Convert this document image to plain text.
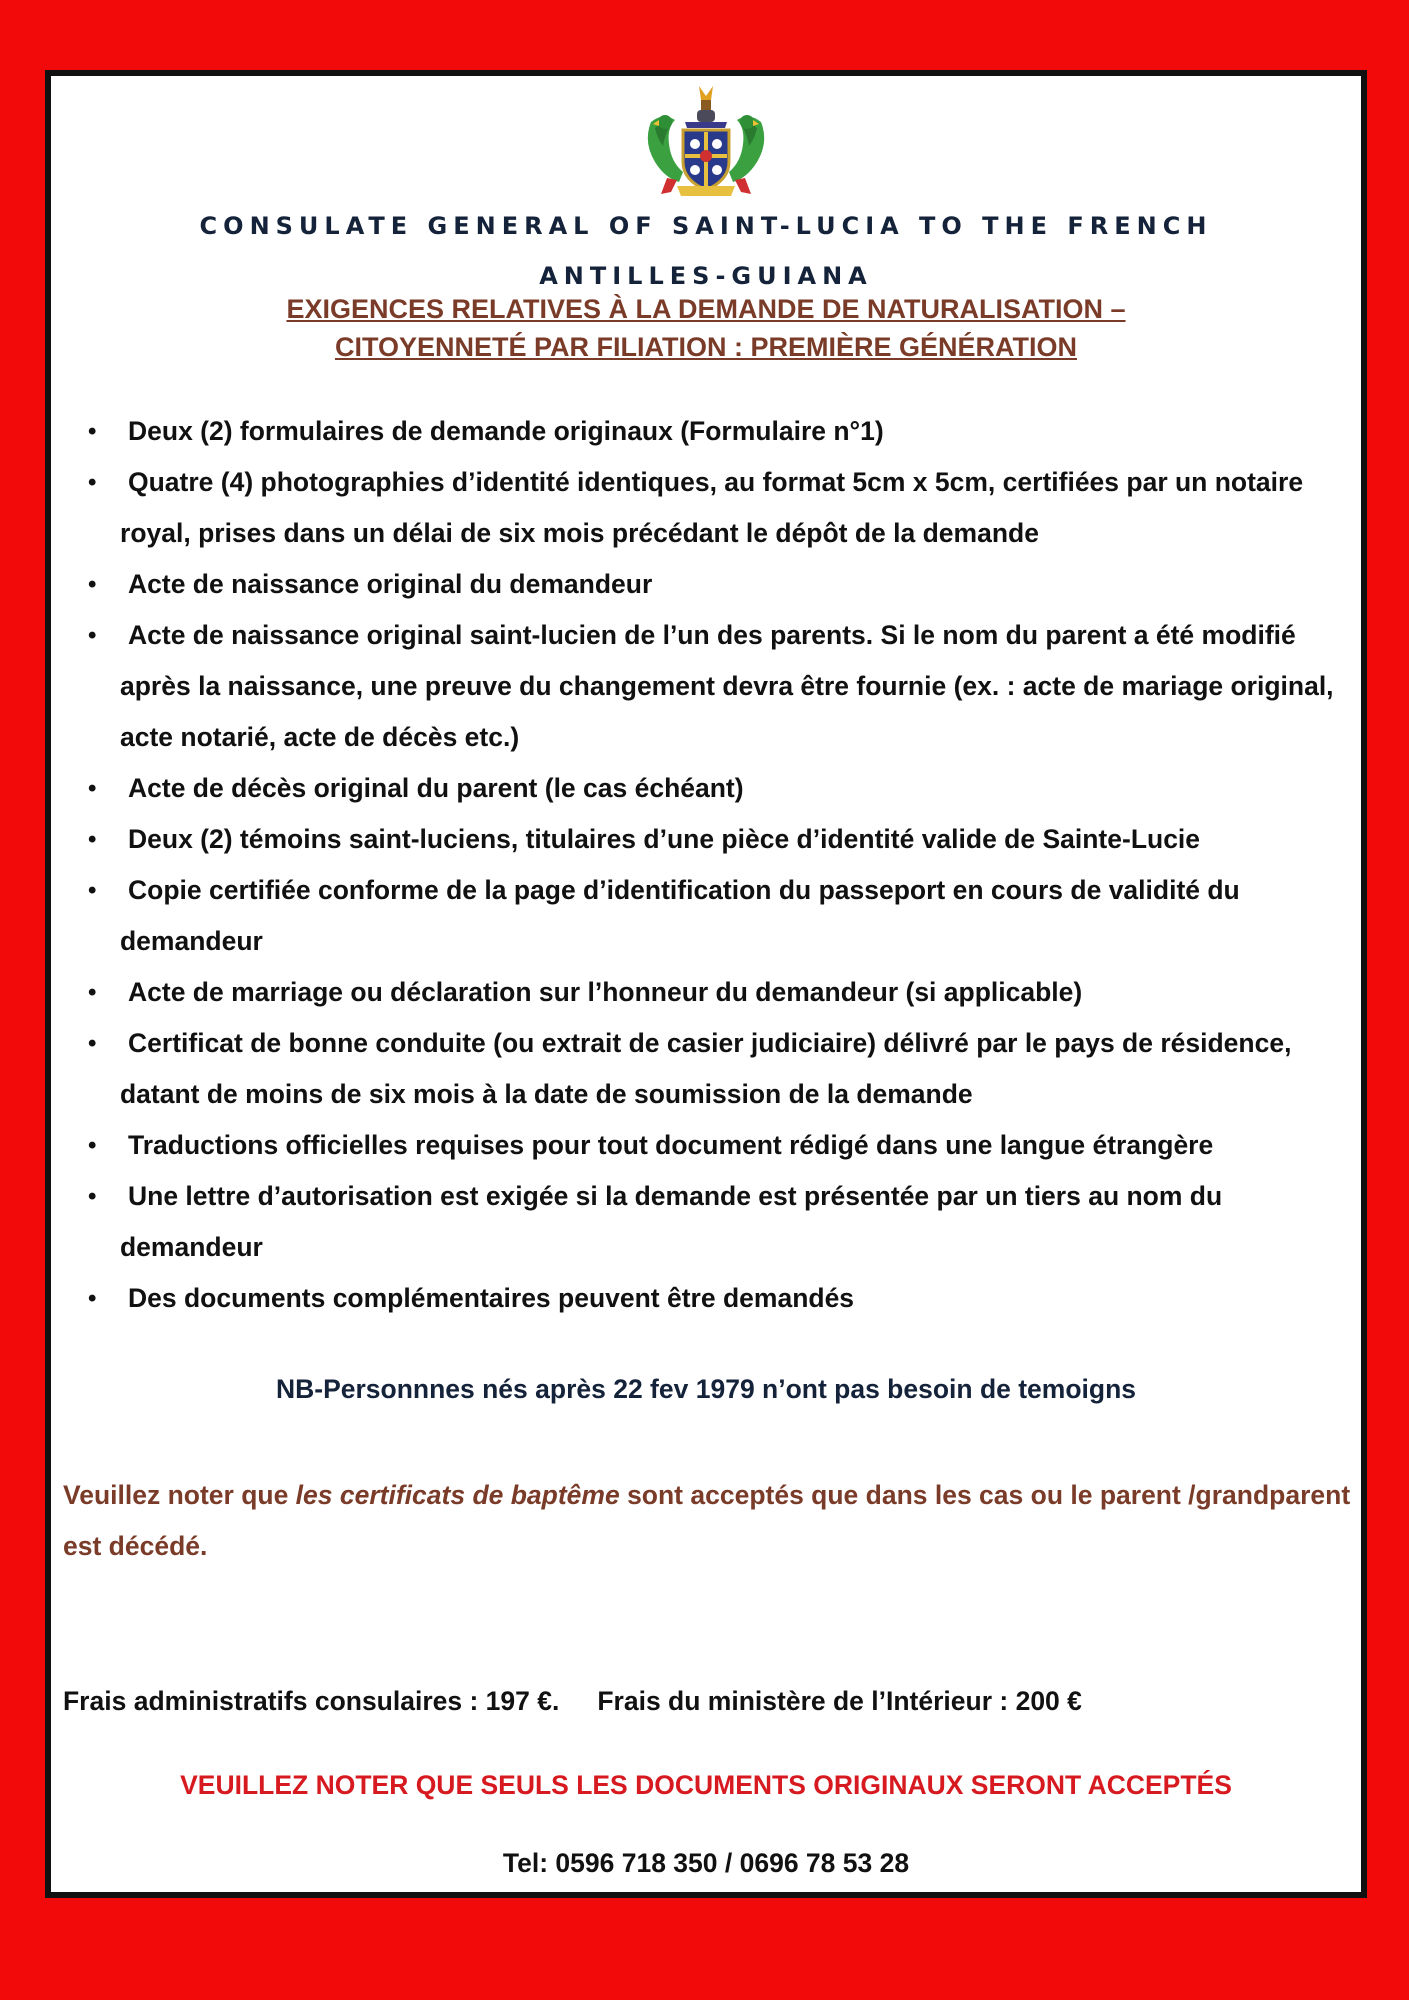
CONSULATE GENERAL OF SAINT-LUCIA TO THE FRENCH

ANTILLES-GUIANA

EXIGENCES RELATIVES À LA DEMANDE DE NATURALISATION –
CITOYENNETÉ PAR FILIATION : PREMIÈRE GÉNÉRATION
•	Deux (2) formulaires de demande originaux (Formulaire n°1)
•	Quatre (4) photographies d’identité identiques, au format 5cm x 5cm, certifiées par un notaire royal, prises dans un délai de six mois précédant le dépôt de la demande
•	Acte de naissance original du demandeur
•	Acte de naissance original saint-lucien de l’un des parents. Si le nom du parent a été modifié après la naissance, une preuve du changement devra être fournie (ex. : acte de mariage original, acte notarié, acte de décès etc.)
•	Acte de décès original du parent (le cas échéant)
•	Deux (2) témoins saint-luciens, titulaires d’une pièce d’identité valide de Sainte-Lucie
•	Copie certifiée conforme de la page d’identification du passeport en cours de validité du demandeur
•	Acte de marriage ou déclaration sur l’honneur du demandeur (si applicable)
•	Certificat de bonne conduite (ou extrait de casier judiciaire) délivré par le pays de résidence, datant de moins de six mois à la date de soumission de la demande
•	Traductions officielles requises pour tout document rédigé dans une langue étrangère
•	Une lettre d’autorisation est exigée si la demande est présentée par un tiers au nom du demandeur
•	Des documents complémentaires peuvent être demandés

NB-Personnnes nés après 22 fev 1979 n’ont pas besoin de temoigns

Veuillez noter que les certificats de baptême sont acceptés que dans les cas ou le parent /grandparent est décédé.

Frais administratifs consulaires : 197 €. Frais du ministère de l’Intérieur : 200 €

VEUILLEZ NOTER QUE SEULS LES DOCUMENTS ORIGINAUX SERONT ACCEPTÉS

Tel: 0596 718 350 / 0696 78 53 28
